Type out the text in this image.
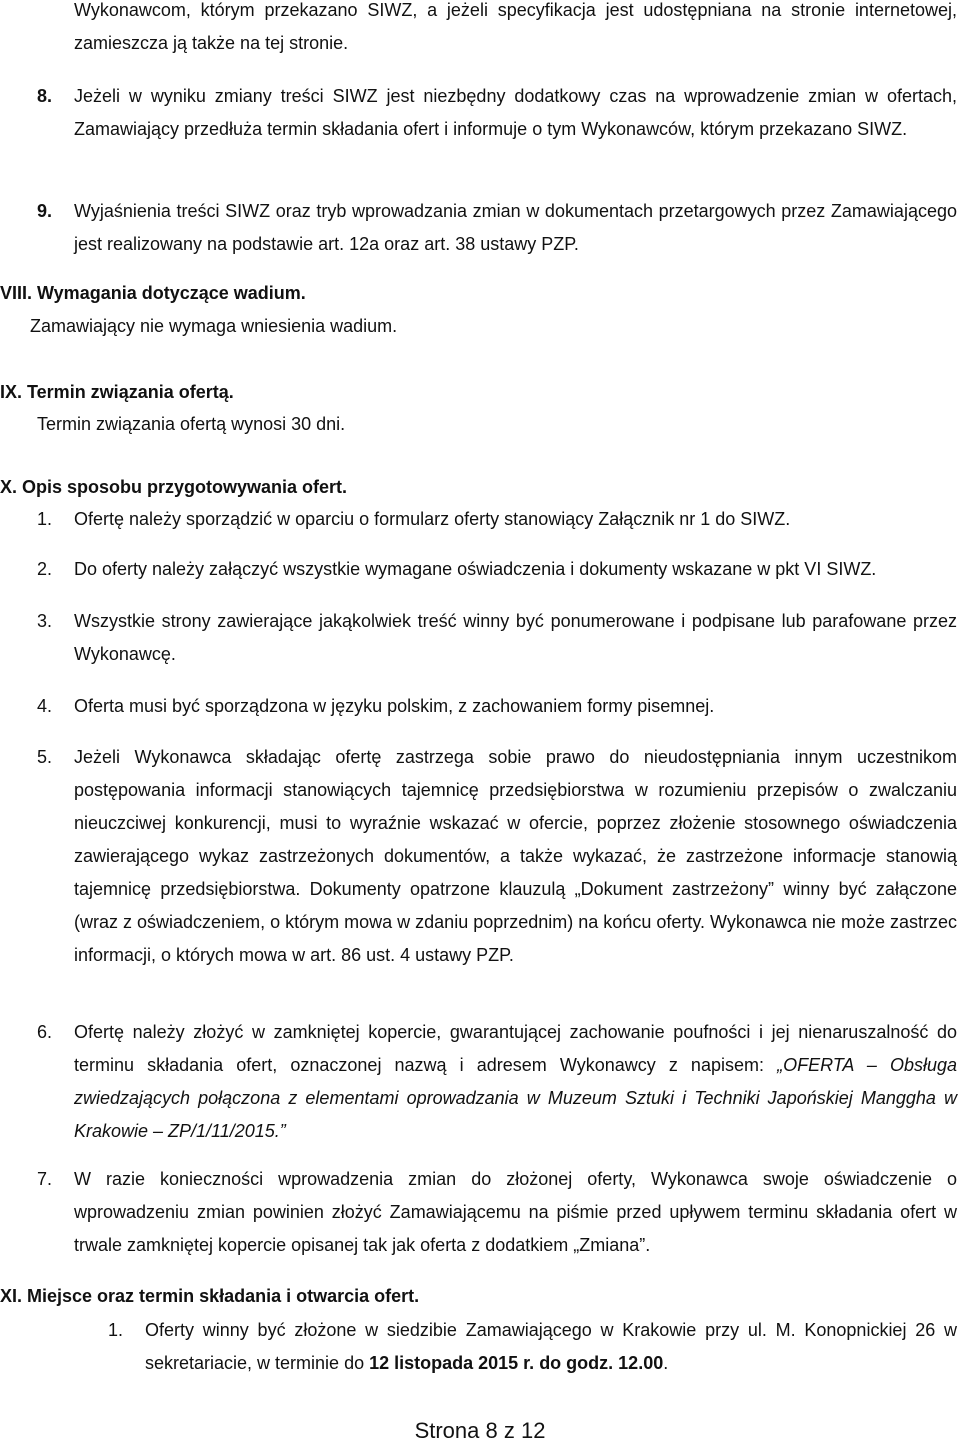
Wykonawcom, którym przekazano SIWZ, a jeżeli specyfikacja jest udostępniana na stronie internetowej, zamieszcza ją także na tej stronie.
8. Jeżeli w wyniku zmiany treści SIWZ jest niezbędny dodatkowy czas na wprowadzenie zmian w ofertach, Zamawiający przedłuża termin składania ofert i informuje o tym Wykonawców, którym przekazano SIWZ.
9. Wyjaśnienia treści SIWZ oraz tryb wprowadzania zmian w dokumentach przetargowych przez Zamawiającego jest realizowany na podstawie art. 12a oraz art. 38 ustawy PZP.
VIII. Wymagania dotyczące wadium.
Zamawiający nie wymaga wniesienia wadium.
IX. Termin związania ofertą.
Termin związania ofertą wynosi 30 dni.
X. Opis sposobu przygotowywania ofert.
1. Ofertę należy sporządzić w oparciu o formularz oferty stanowiący Załącznik nr 1 do SIWZ.
2. Do oferty należy załączyć wszystkie wymagane oświadczenia i dokumenty wskazane w pkt VI SIWZ.
3. Wszystkie strony zawierające jakąkolwiek treść winny być ponumerowane i podpisane lub parafowane przez Wykonawcę.
4. Oferta musi być sporządzona w języku polskim, z zachowaniem formy pisemnej.
5. Jeżeli Wykonawca składając ofertę zastrzega sobie prawo do nieudostępniania innym uczestnikom postępowania informacji stanowiących tajemnicę przedsiębiorstwa w rozumieniu przepisów o zwalczaniu nieuczciwej konkurencji, musi to wyraźnie wskazać w ofercie, poprzez złożenie stosownego oświadczenia zawierającego wykaz zastrzeżonych dokumentów, a także wykazać, że zastrzeżone informacje stanowią tajemnicę przedsiębiorstwa. Dokumenty opatrzone klauzulą „Dokument zastrzeżony” winny być załączone (wraz z oświadczeniem, o którym mowa w zdaniu poprzednim) na końcu oferty. Wykonawca nie może zastrzec informacji, o których mowa w art. 86 ust. 4 ustawy PZP.
6. Ofertę należy złożyć w zamkniętej kopercie, gwarantującej zachowanie poufności i jej nienaruszalność do terminu składania ofert, oznaczonej nazwą i adresem Wykonawcy z napisem: „OFERTA – Obsługa zwiedzających połączona z elementami oprowadzania w Muzeum Sztuki i Techniki Japońskiej Manggha w Krakowie – ZP/1/11/2015.”
7. W razie konieczności wprowadzenia zmian do złożonej oferty, Wykonawca swoje oświadczenie o wprowadzeniu zmian powinien złożyć Zamawiającemu na piśmie przed upływem terminu składania ofert w trwale zamkniętej kopercie opisanej tak jak oferta z dodatkiem „Zmiana”.
XI. Miejsce oraz termin składania i otwarcia ofert.
1. Oferty winny być złożone w siedzibie Zamawiającego w Krakowie przy ul. M. Konopnickiej 26 w sekretariacie, w terminie do 12 listopada 2015 r. do godz. 12.00.
Strona 8 z 12
